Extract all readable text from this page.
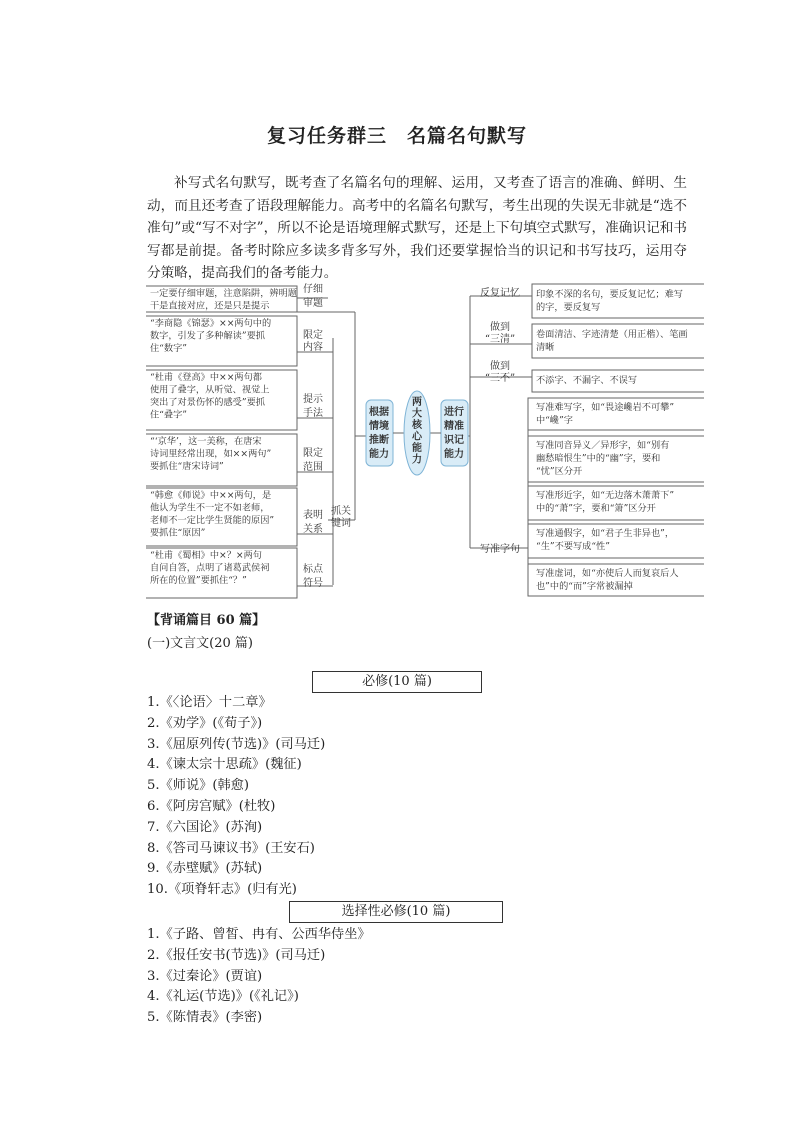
复习任务群三　名篇名句默写

补写式名句默写，既考查了名篇名句的理解、运用，又考查了语言的准确、鲜明、生动，而且还考查了语段理解能力。高考中的名篇名句默写，考生出现的失误无非就是“选不准句”或“写不对字”，所以不论是语境理解式默写，还是上下句填空式默写，准确识记和书写都是前提。备考时除应多读多背多写外，我们还要掌握恰当的识记和书写技巧，运用夺分策略，提高我们的备考能力。

两
大
核
心
能
力
根据
情境
推断
能力
进行
精准
识记
能力
一定要仔细审题，注意陷阱，辨明题
干是直接对应，还是只是提示
仔细
审题
“李商隐《锦瑟》××两句中的
数字，引发了多种解读”要抓
住“数字”
限定
内容
“杜甫《登高》中××两句都
使用了叠字，从听觉、视觉上
突出了对景伤怀的感受”要抓
住“叠字”
提示
手法
“‘京华’，这一美称，在唐宋
诗词里经常出现，如××两句”
要抓住“唐宋诗词”
限定
范围
“韩愈《师说》中××两句，是
他认为学生不一定不如老师，
老师不一定比学生贤能的原因”
要抓住“原因”
表明
关系
“杜甫《蜀相》中×？×两句
自问自答，点明了诸葛武侯祠
所在的位置”要抓住“？”
标点
符号
抓关
键词
印象不深的名句，要反复记忆；难写
的字，要反复写
反复记忆
卷面清洁、字迹清楚（用正楷）、笔画
清晰
做到
“三清”
不添字、不漏字、不误写
做到
“三不”
写准字句
写准难写字，如“畏途巉岩不可攀”
中“巉”字
写准同音异义／异形字，如“别有
幽愁暗恨生”中的“幽”字，要和
“忧”区分开
写准形近字，如“无边落木萧萧下”
中的“萧”字，要和“箫”区分开
写准通假字，如“君子生非异也”，
“生”不要写成“性”
写准虚词，如“亦使后人而复哀后人
也”中的“而”字常被漏掉
【背诵篇目 60 篇】
(一)文言文(20 篇)
必修(10 篇)
1.《〈论语〉十二章》
2.《劝学》(《荀子》)
3.《屈原列传(节选)》(司马迁)
4.《谏太宗十思疏》(魏征)
5.《师说》(韩愈)
6.《阿房宫赋》(杜牧)
7.《六国论》(苏洵)
8.《答司马谏议书》(王安石)
9.《赤壁赋》(苏轼)
10.《项脊轩志》(归有光)
选择性必修(10 篇)
1.《子路、曾皙、冉有、公西华侍坐》
2.《报任安书(节选)》(司马迁)
3.《过秦论》(贾谊)
4.《礼运(节选)》(《礼记》)
5.《陈情表》(李密)
